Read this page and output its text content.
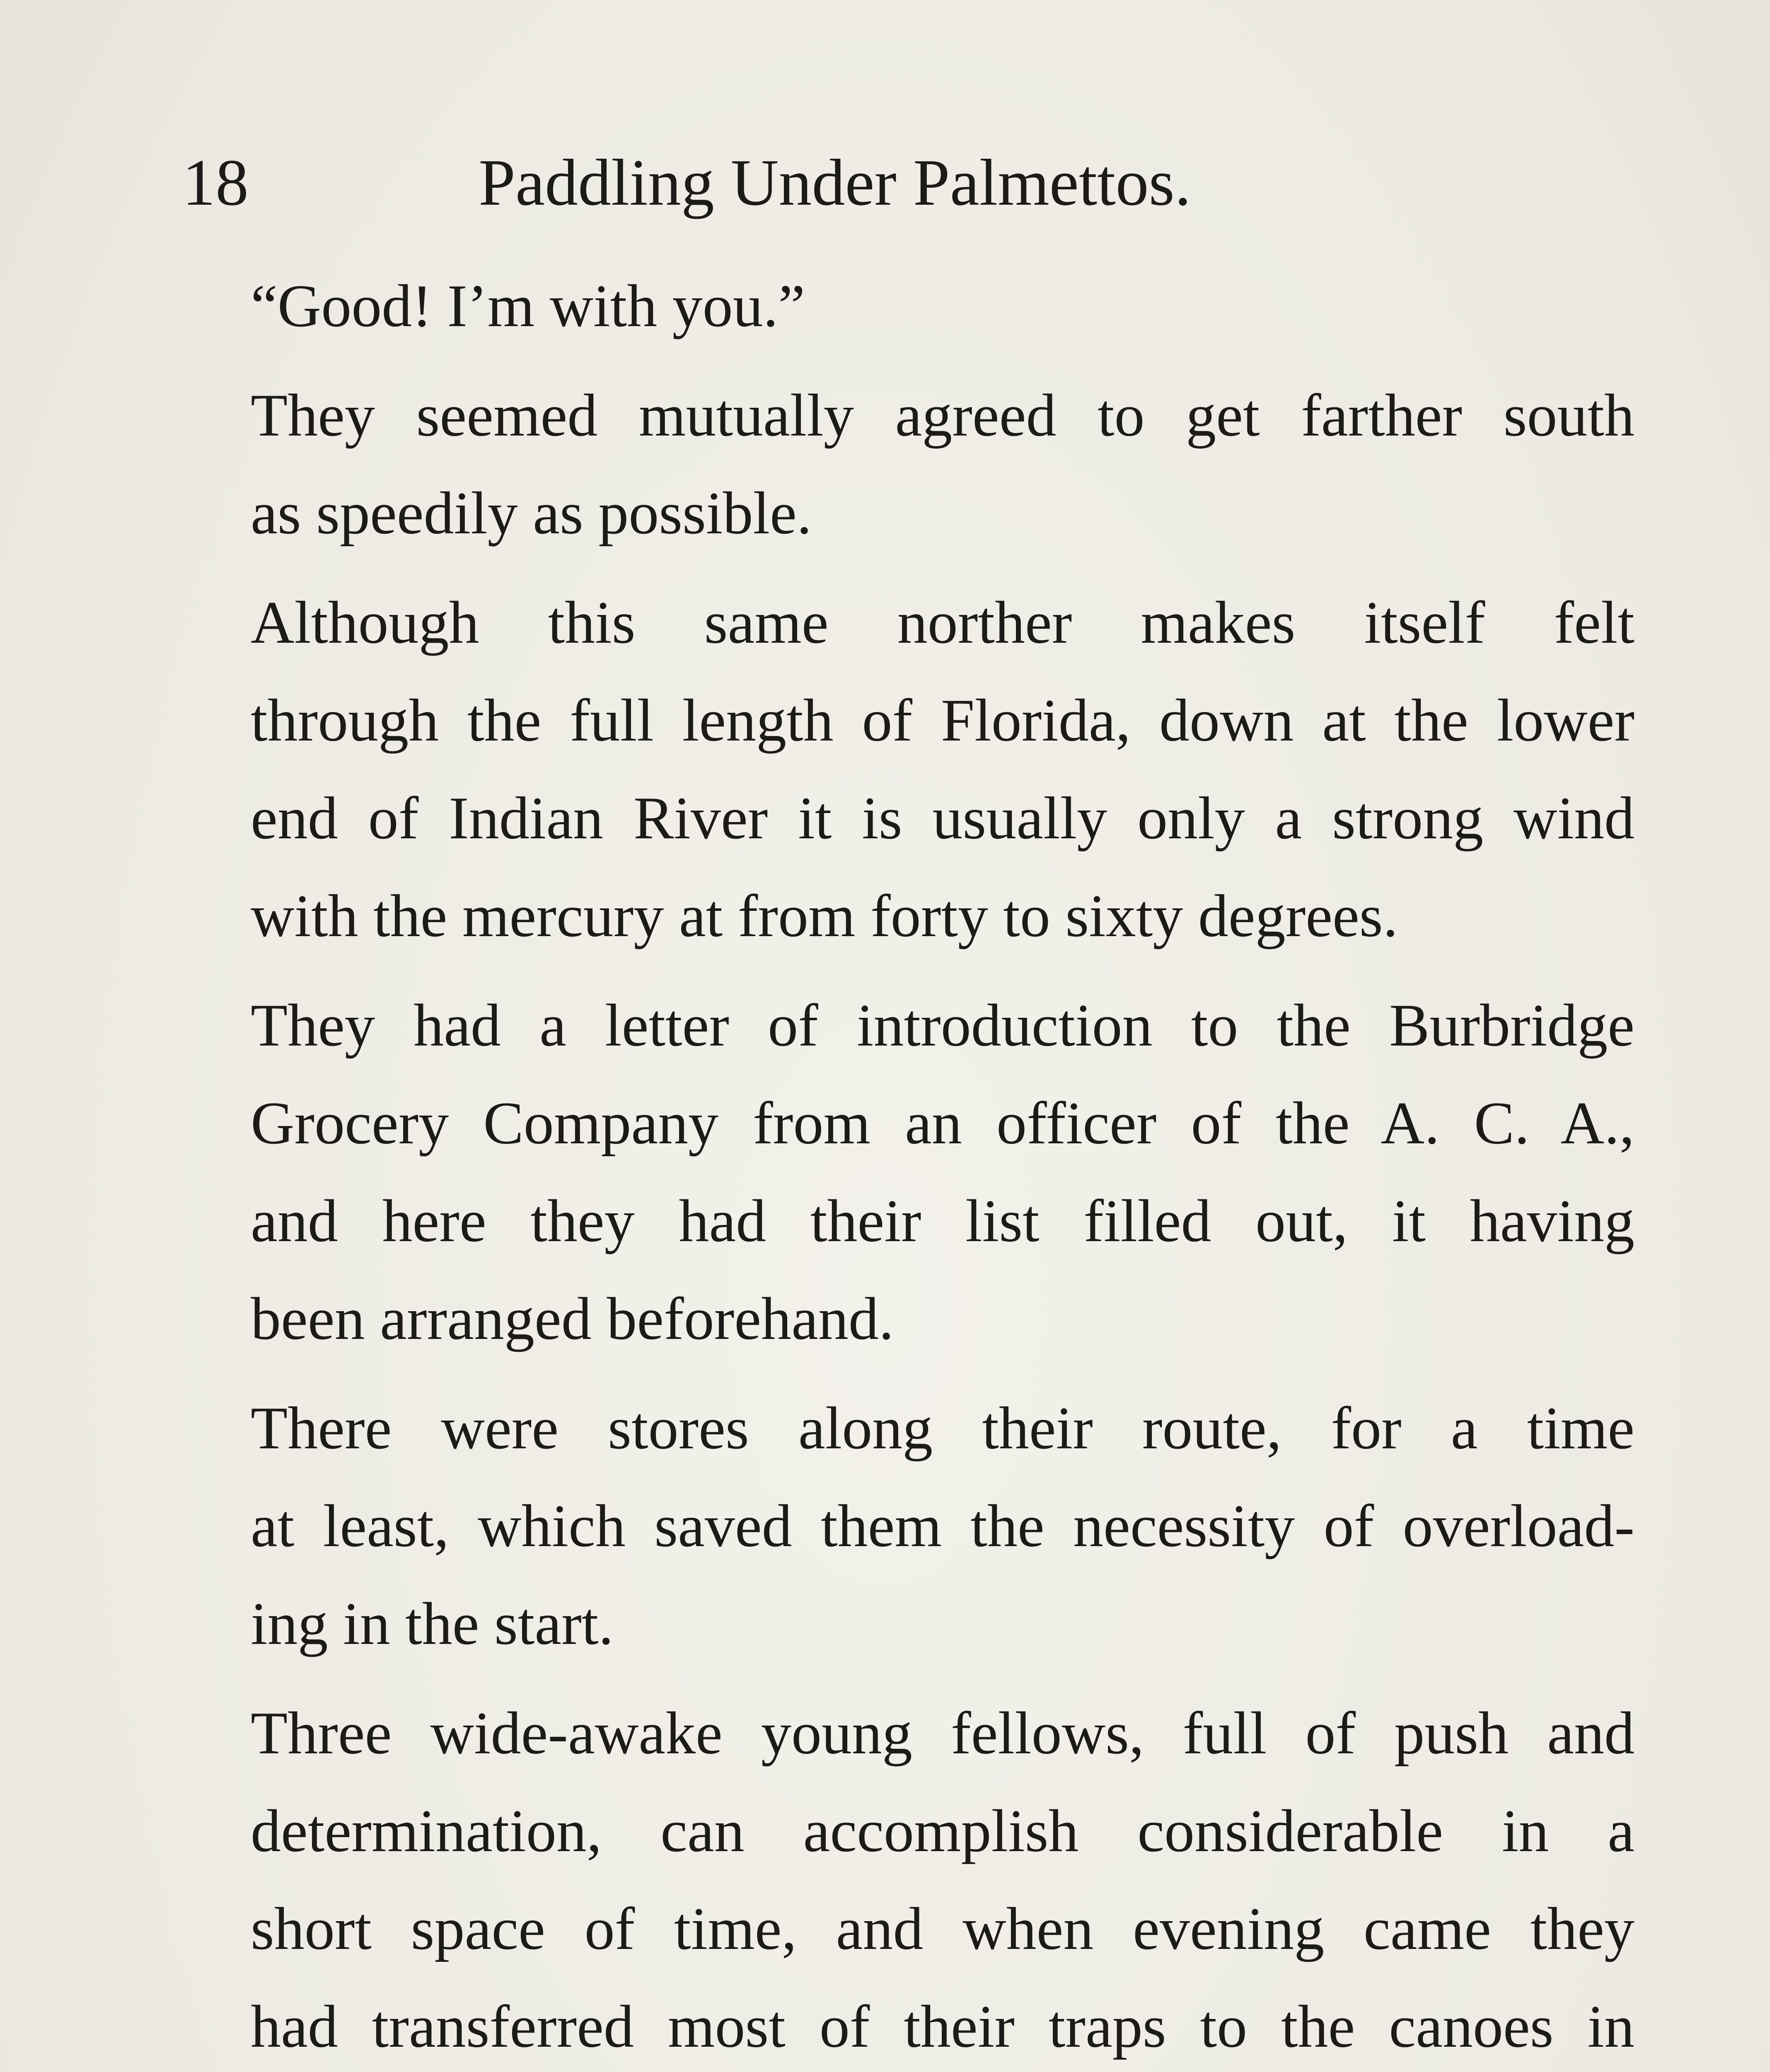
18	Paddling Under Palmettos.

“Good! I’m with you.”

They seemed mutually agreed to get farther south
as speedily as possible.

Although this same norther makes itself felt
through the full length of Florida, down at the lower
end of Indian River it is usually only a strong wind
with the mercury at from forty to sixty degrees.

They had a letter of introduction to the Burbridge
Grocery Company from an officer of the A. C. A.,
and here they had their list filled out, it having
been arranged beforehand.

There were stores along their route, for a time
at least, which saved them the necessity of overload-
ing in the start.

Three wide-awake young fellows, full of push and
determination, can accomplish considerable in a
short space of time, and when evening came they
had transferred most of their traps to the canoes in
